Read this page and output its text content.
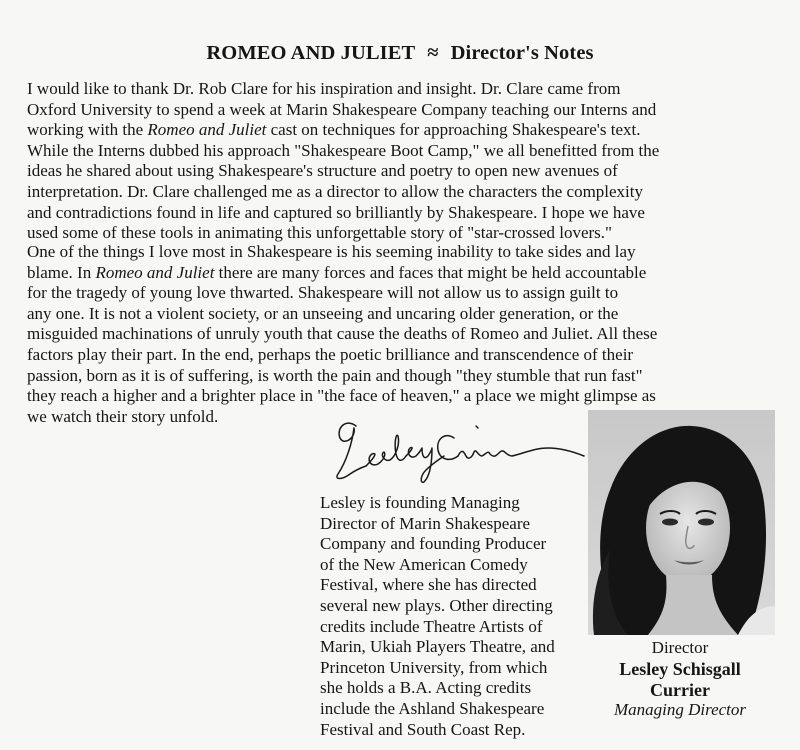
ROMEO AND JULIET ≈ Director's Notes

I would like to thank Dr. Rob Clare for his inspiration and insight. Dr. Clare came from
Oxford University to spend a week at Marin Shakespeare Company teaching our Interns and
working with the Romeo and Juliet cast on techniques for approaching Shakespeare's text.
While the Interns dubbed his approach "Shakespeare Boot Camp," we all benefitted from the
ideas he shared about using Shakespeare's structure and poetry to open new avenues of
interpretation. Dr. Clare challenged me as a director to allow the characters the complexity
and contradictions found in life and captured so brilliantly by Shakespeare. I hope we have
used some of these tools in animating this unforgettable story of "star-crossed lovers."

One of the things I love most in Shakespeare is his seeming inability to take sides and lay
blame. In Romeo and Juliet there are many forces and faces that might be held accountable
for the tragedy of young love thwarted. Shakespeare will not allow us to assign guilt to
any one. It is not a violent society, or an unseeing and uncaring older generation, or the
misguided machinations of unruly youth that cause the deaths of Romeo and Juliet. All these
factors play their part. In the end, perhaps the poetic brilliance and transcendence of their
passion, born as it is of suffering, is worth the pain and though "they stumble that run fast"
they reach a higher and a brighter place in "the face of heaven," a place we might glimpse as
we watch their story unfold.

Lesley is founding Managing
Director of Marin Shakespeare
Company and founding Producer
of the New American Comedy
Festival, where she has directed
several new plays. Other directing
credits include Theatre Artists of
Marin, Ukiah Players Theatre, and
Princeton University, from which
she holds a B.A. Acting credits
include the Ashland Shakespeare
Festival and South Coast Rep.
Director
Lesley Schisgall
Currier
Managing Director
